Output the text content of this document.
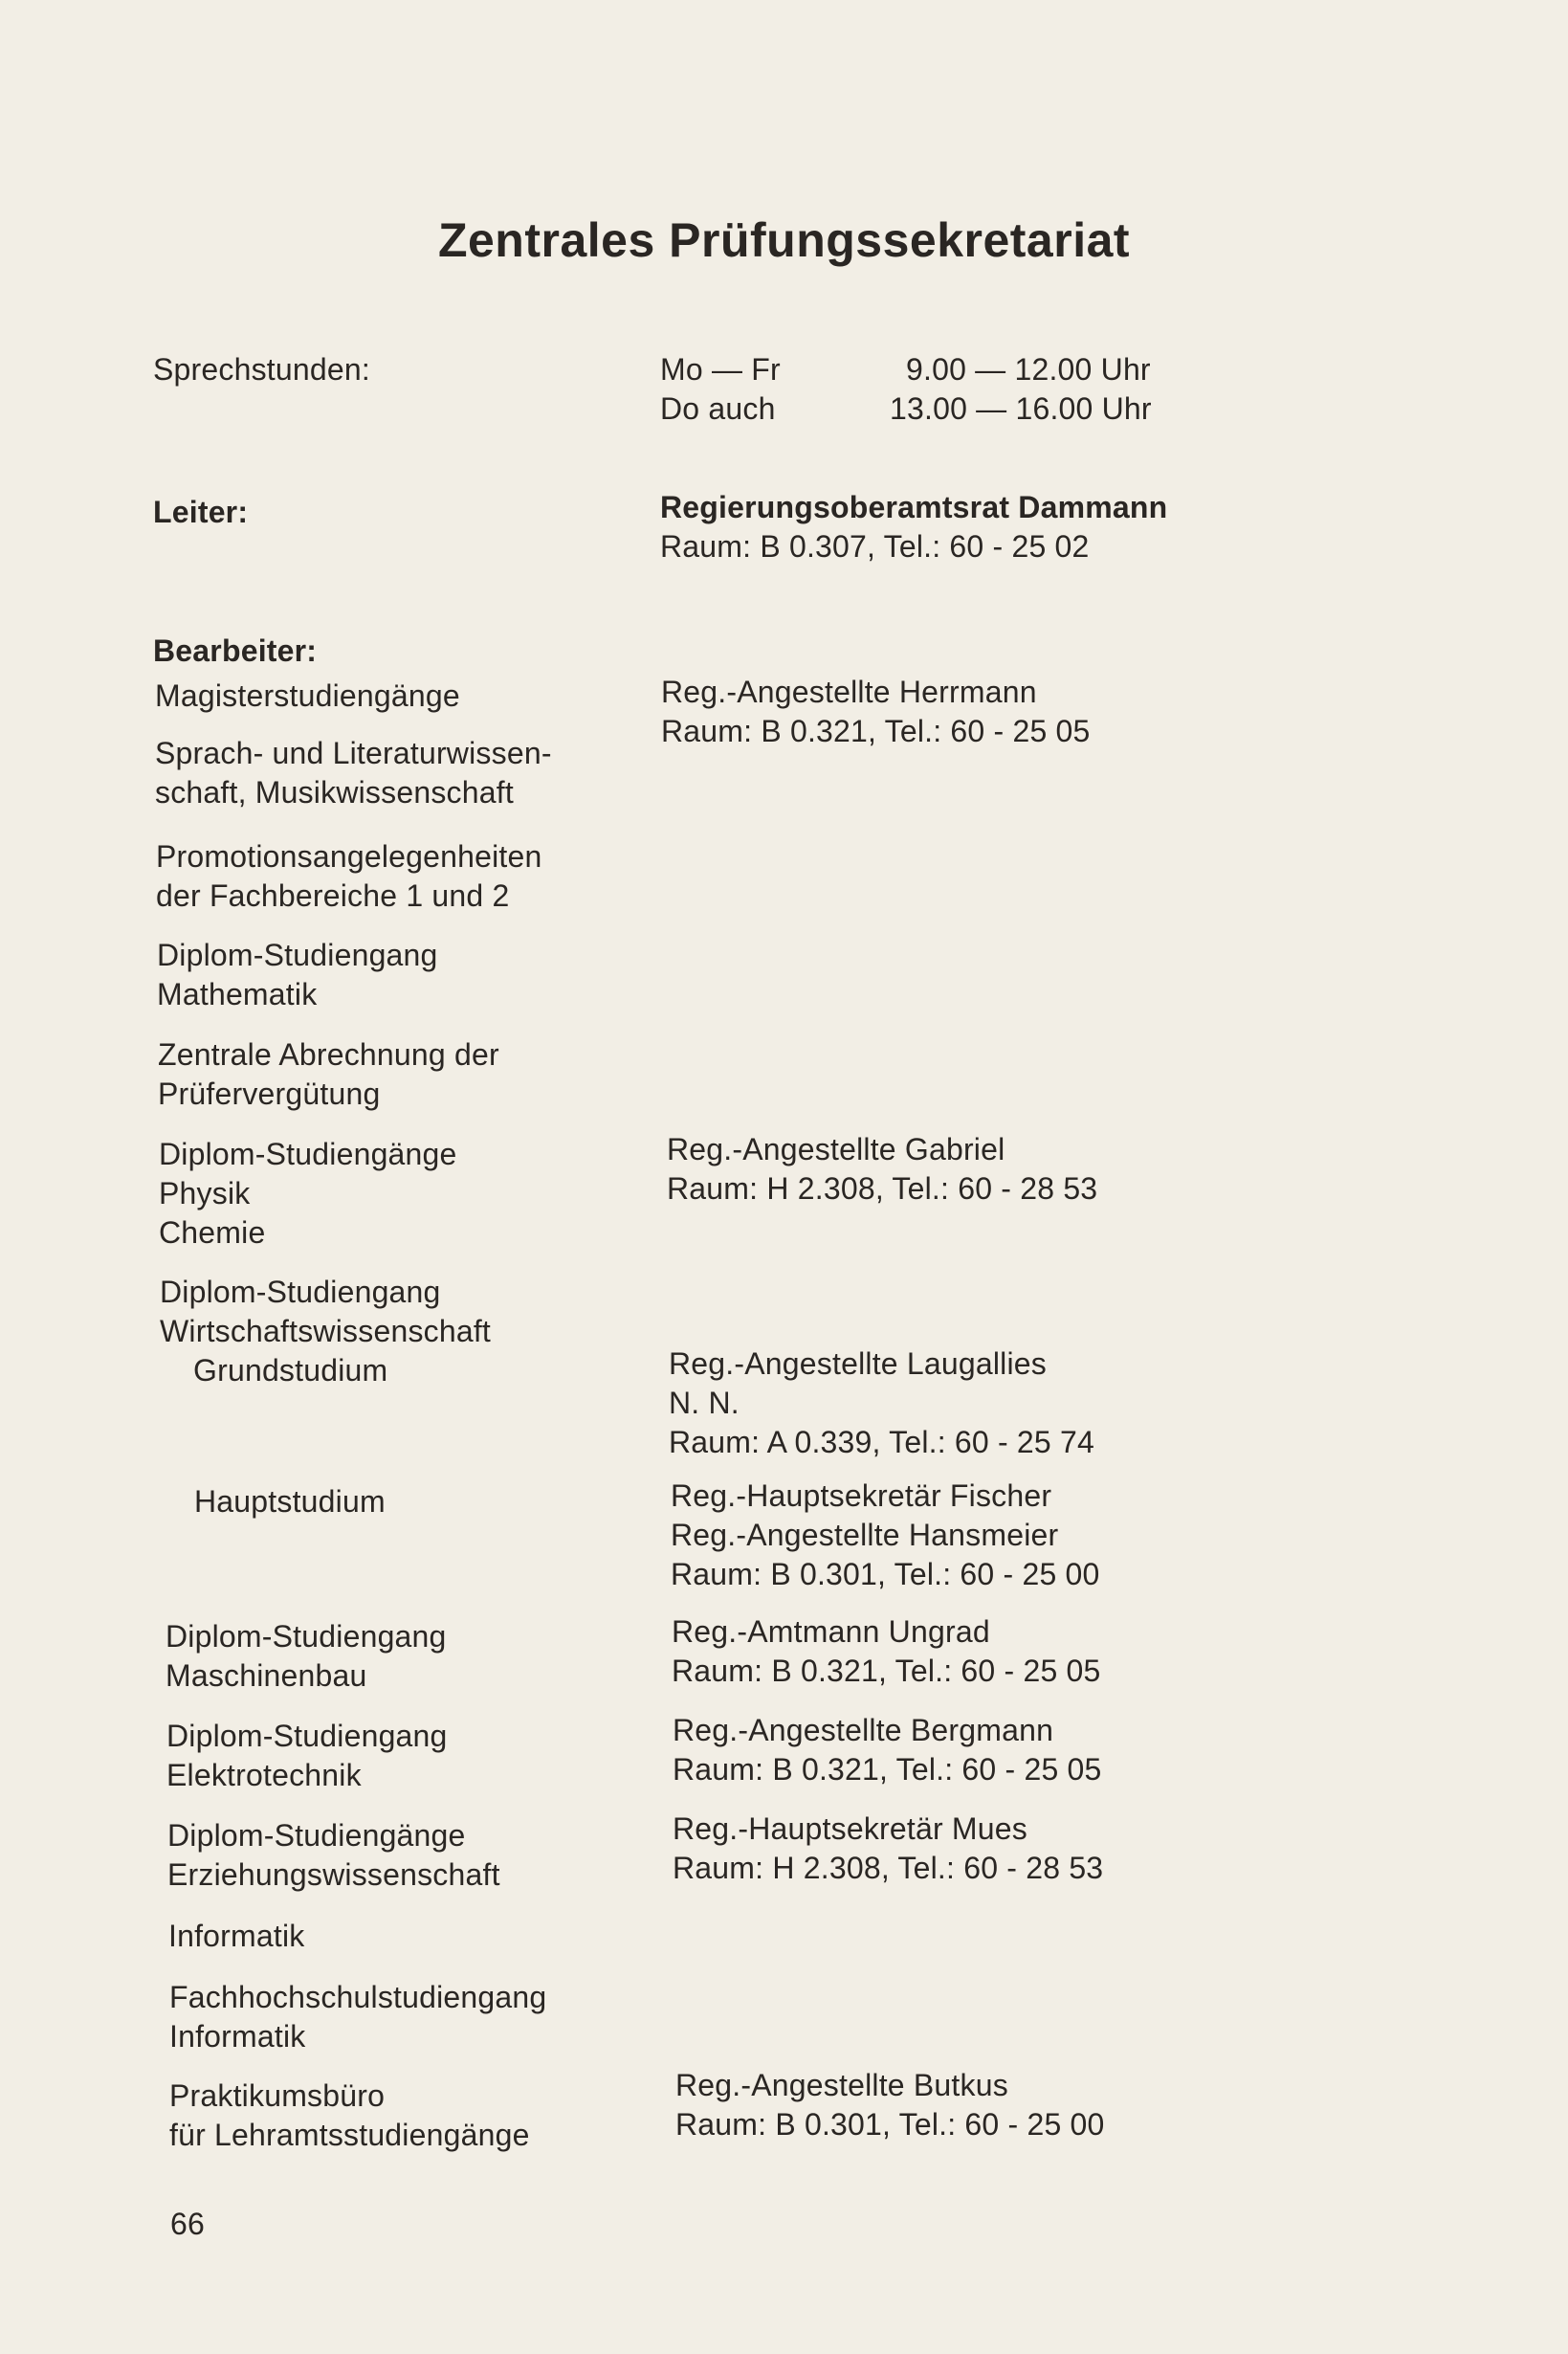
Zentrales Prüfungssekretariat
Sprechstunden:	Mo — Fr
Do auch
9.00 — 12.00 Uhr
13.00 — 16.00 Uhr
Leiter:	Regierungsoberamtsrat Dammann
Raum: B 0.307, Tel.: 60 - 25 02
Bearbeiter:
Magisterstudiengänge
Sprach- und Literaturwissen-
schaft, Musikwissenschaft
Promotionsangelegenheiten
der Fachbereiche 1 und 2
Diplom-Studiengang
Mathematik
Zentrale Abrechnung der
Prüfervergütung
Diplom-Studiengänge
Physik
Chemie
Diplom-Studiengang
Wirtschaftswissenschaft
Grundstudium
Hauptstudium
Diplom-Studiengang
Maschinenbau
Diplom-Studiengang
Elektrotechnik
Diplom-Studiengänge
Erziehungswissenschaft
Informatik
Fachhochschulstudiengang
Informatik
Praktikumsbüro
für Lehramtsstudiengänge
Reg.-Angestellte Herrmann
Raum: B 0.321, Tel.: 60 - 25 05
Reg.-Angestellte Gabriel
Raum: H 2.308, Tel.: 60 - 28 53
Reg.-Angestellte Laugallies
N. N.
Raum: A 0.339, Tel.: 60 - 25 74
Reg.-Hauptsekretär Fischer
Reg.-Angestellte Hansmeier
Raum: B 0.301, Tel.: 60 - 25 00
Reg.-Amtmann Ungrad
Raum: B 0.321, Tel.: 60 - 25 05
Reg.-Angestellte Bergmann
Raum: B 0.321, Tel.: 60 - 25 05
Reg.-Hauptsekretär Mues
Raum: H 2.308, Tel.: 60 - 28 53
Reg.-Angestellte Butkus
Raum: B 0.301, Tel.: 60 - 25 00
66
